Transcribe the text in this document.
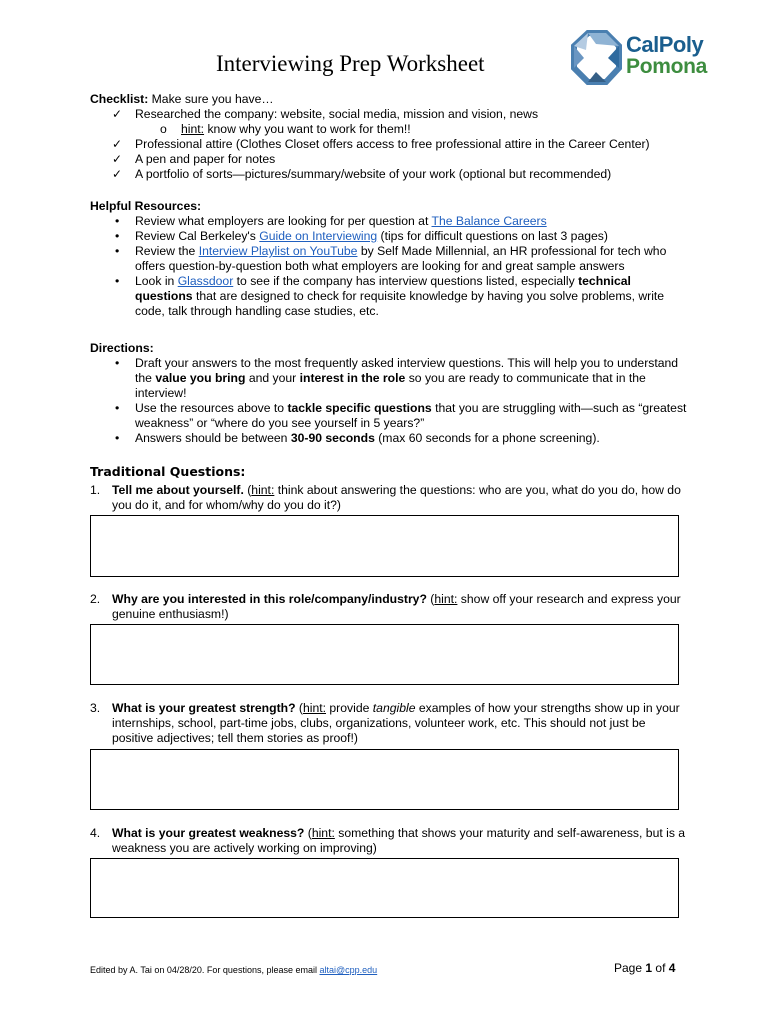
Interviewing Prep Worksheet
CalPoly
Pomona
Checklist: Make sure you have…
✓ Researched the company: website, social media, mission and vision, news
o hint: know why you want to work for them!!
✓ Professional attire (Clothes Closet offers access to free professional attire in the Career Center)
✓ A pen and paper for notes
✓ A portfolio of sorts—pictures/summary/website of your work (optional but recommended)
Helpful Resources:
• Review what employers are looking for per question at The Balance Careers
• Review Cal Berkeley's Guide on Interviewing (tips for difficult questions on last 3 pages)
• Review the Interview Playlist on YouTube by Self Made Millennial, an HR professional for tech who offers question-by-question both what employers are looking for and great sample answers
• Look in Glassdoor to see if the company has interview questions listed, especially technical questions that are designed to check for requisite knowledge by having you solve problems, write code, talk through handling case studies, etc.
Directions:
• Draft your answers to the most frequently asked interview questions. This will help you to understand the value you bring and your interest in the role so you are ready to communicate that in the interview!
• Use the resources above to tackle specific questions that you are struggling with—such as “greatest weakness” or “where do you see yourself in 5 years?”
• Answers should be between 30-90 seconds (max 60 seconds for a phone screening).
Traditional Questions:
1. Tell me about yourself. (hint: think about answering the questions: who are you, what do you do, how do you do it, and for whom/why do you do it?)
2. Why are you interested in this role/company/industry? (hint: show off your research and express your genuine enthusiasm!)
3. What is your greatest strength? (hint: provide tangible examples of how your strengths show up in your internships, school, part-time jobs, clubs, organizations, volunteer work, etc. This should not just be positive adjectives; tell them stories as proof!)
4. What is your greatest weakness? (hint: something that shows your maturity and self-awareness, but is a weakness you are actively working on improving)
Edited by A. Tai on 04/28/20. For questions, please email altai@cpp.edu	Page 1 of 4
